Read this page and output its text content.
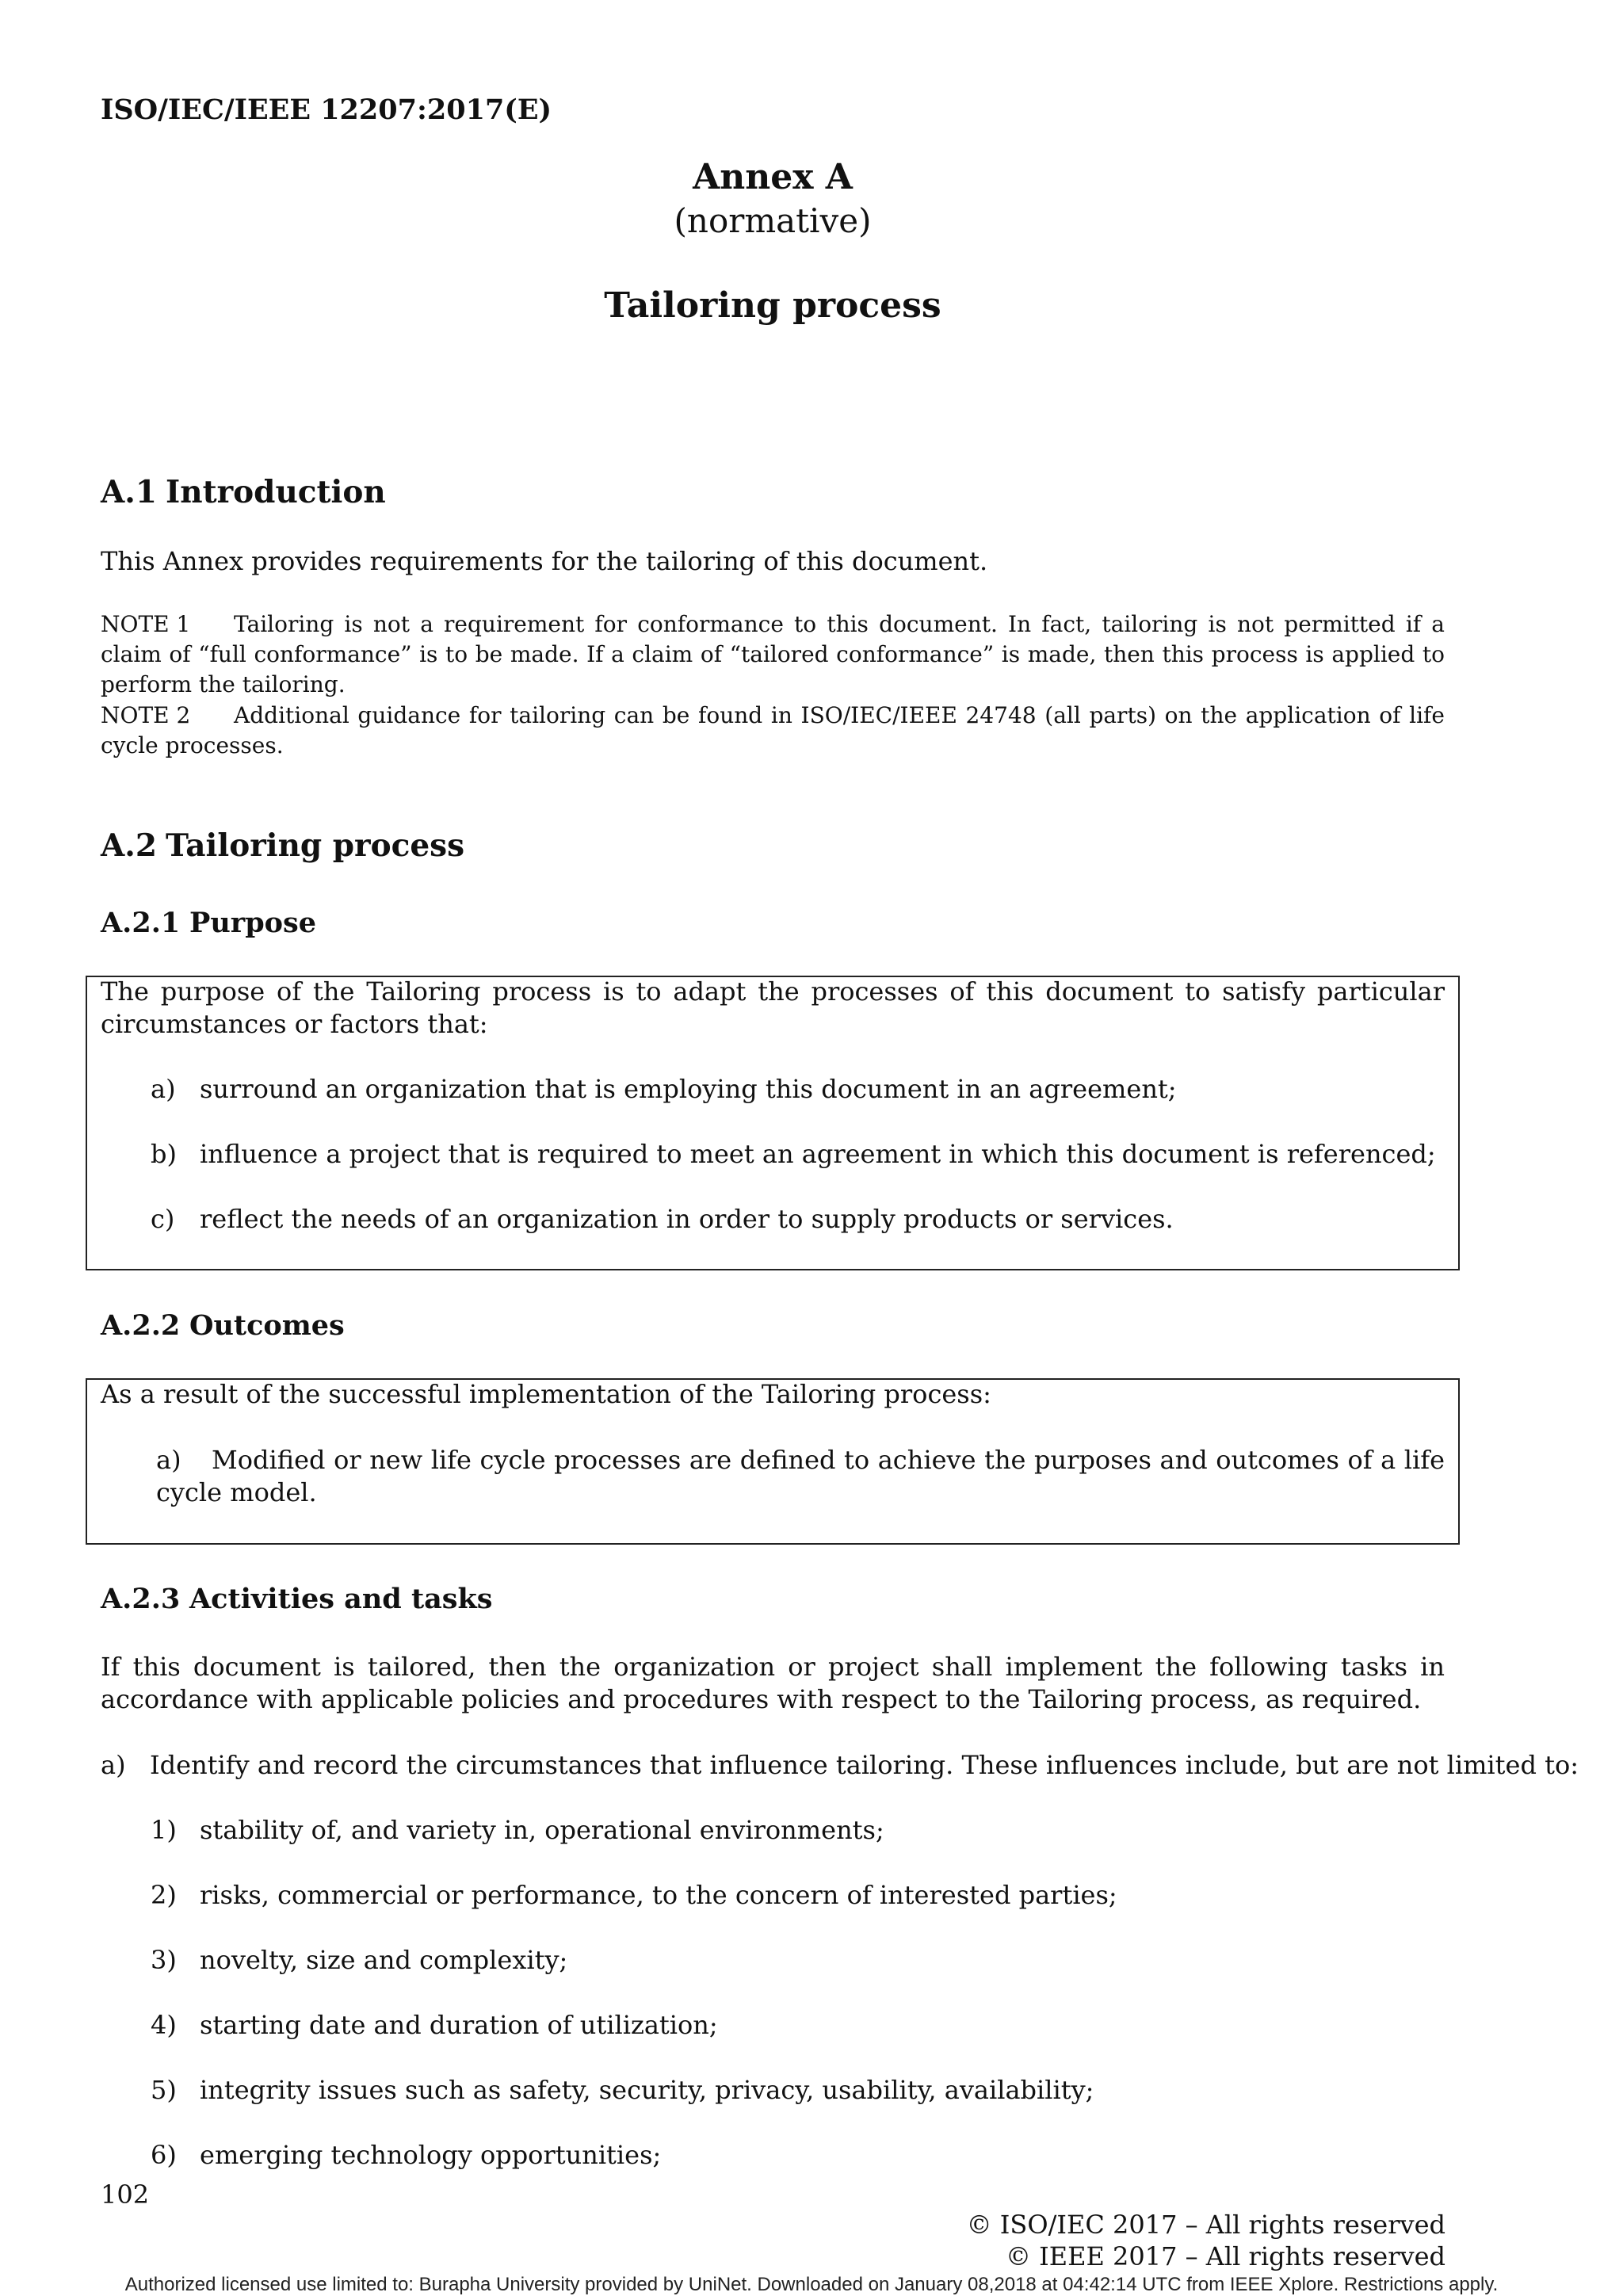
ISO/IEC/IEEE 12207:2017(E)
Annex A
(normative)
Tailoring process
A.1 Introduction
This Annex provides requirements for the tailoring of this document.
NOTE 1 Tailoring is not a requirement for conformance to this document. In fact, tailoring is not permitted if a claim of “full conformance” is to be made. If a claim of “tailored conformance” is made, then this process is applied to perform the tailoring.
NOTE 2 Additional guidance for tailoring can be found in ISO/IEC/IEEE 24748 (all parts) on the application of life cycle processes.
A.2 Tailoring process
A.2.1 Purpose
The purpose of the Tailoring process is to adapt the processes of this document to satisfy particular circumstances or factors that:
a) surround an organization that is employing this document in an agreement;
b) influence a project that is required to meet an agreement in which this document is referenced;
c) reflect the needs of an organization in order to supply products or services.
A.2.2 Outcomes
As a result of the successful implementation of the Tailoring process:
a) Modified or new life cycle processes are defined to achieve the purposes and outcomes of a life cycle model.
A.2.3 Activities and tasks
If this document is tailored, then the organization or project shall implement the following tasks in accordance with applicable policies and procedures with respect to the Tailoring process, as required.
a) Identify and record the circumstances that influence tailoring. These influences include, but are not limited to:
1) stability of, and variety in, operational environments;
2) risks, commercial or performance, to the concern of interested parties;
3) novelty, size and complexity;
4) starting date and duration of utilization;
5) integrity issues such as safety, security, privacy, usability, availability;
6) emerging technology opportunities;
102
© ISO/IEC 2017 – All rights reserved
© IEEE 2017 – All rights reserved
Authorized licensed use limited to: Burapha University provided by UniNet. Downloaded on January 08,2018 at 04:42:14 UTC from IEEE Xplore. Restrictions apply.
